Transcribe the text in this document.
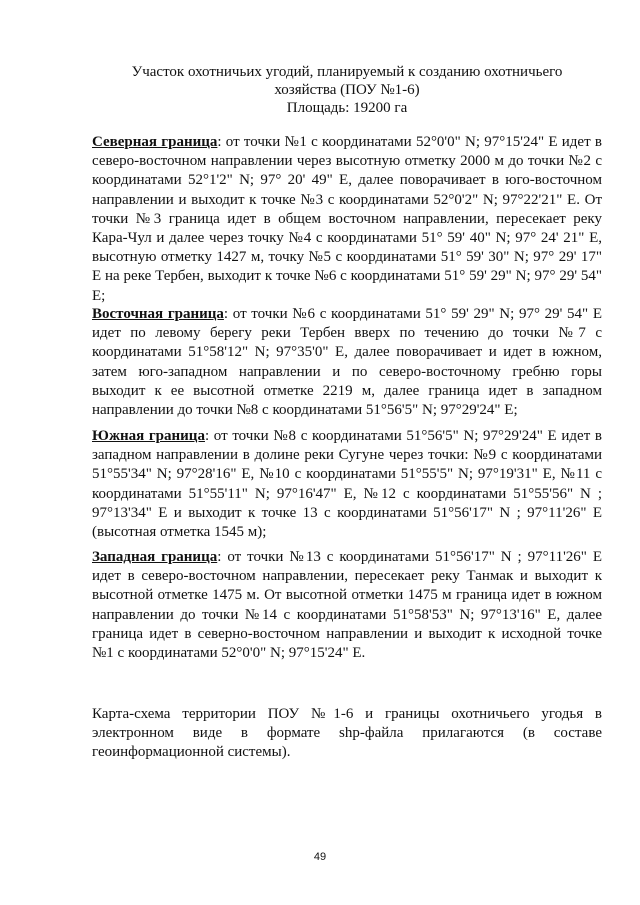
Участок охотничьих угодий, планируемый к созданию охотничьего
хозяйства (ПОУ №1-6)
Площадь: 19200 га

Северная граница: от точки №1 с координатами 52°0'0" N; 97°15'24" Е идет в северо-восточном направлении через высотную отметку 2000 м до точки №2 с координатами 52°1'2" N; 97° 20' 49" E, далее поворачивает в юго-восточном направлении и выходит к точке №3 с координатами 52°0'2" N; 97°22'21" E. От точки №3 граница идет в общем восточном направлении, пересекает реку Кара-Чул и далее через точку №4 с координатами 51° 59' 40" N; 97° 24' 21" E, высотную отметку 1427 м, точку №5 с координатами 51° 59' 30" N; 97° 29' 17" E на реке Тербен, выходит к точке №6 с координатами 51° 59' 29" N; 97° 29' 54" E;

Восточная граница: от точки №6 с координатами 51° 59' 29" N; 97° 29' 54" E идет по левому берегу реки Тербен вверх по течению до точки №7 с координатами 51°58'12" N; 97°35'0" E, далее поворачивает и идет в южном, затем юго-западном направлении и по северо-восточному гребню горы выходит к ее высотной отметке 2219 м, далее граница идет в западном направлении до точки №8 с координатами 51°56'5" N; 97°29'24" E;

Южная граница: от точки №8 с координатами 51°56'5" N; 97°29'24" E идет в западном направлении в долине реки Сугуне через точки: №9 с координатами 51°55'34" N; 97°28'16" E, №10 с координатами 51°55'5" N; 97°19'31" E, №11 с координатами 51°55'11" N; 97°16'47" E, №12 с координатами 51°55'56" N ; 97°13'34" E и выходит к точке 13 с координатами 51°56'17" N ; 97°11'26" E (высотная отметка 1545 м);

Западная граница: от точки №13 с координатами 51°56'17" N ; 97°11'26" E идет в северо-восточном направлении, пересекает реку Танмак и выходит к высотной отметке 1475 м. От высотной отметки 1475 м граница идет в южном направлении до точки №14 с координатами 51°58'53" N; 97°13'16" E, далее граница идет в северно-восточном направлении и выходит к исходной точке №1 с координатами 52°0'0" N; 97°15'24" E.

Карта-схема территории ПОУ №1-6 и границы охотничьего угодья в электронном виде в формате shp-файла прилагаются (в составе геоинформационной системы).

49
